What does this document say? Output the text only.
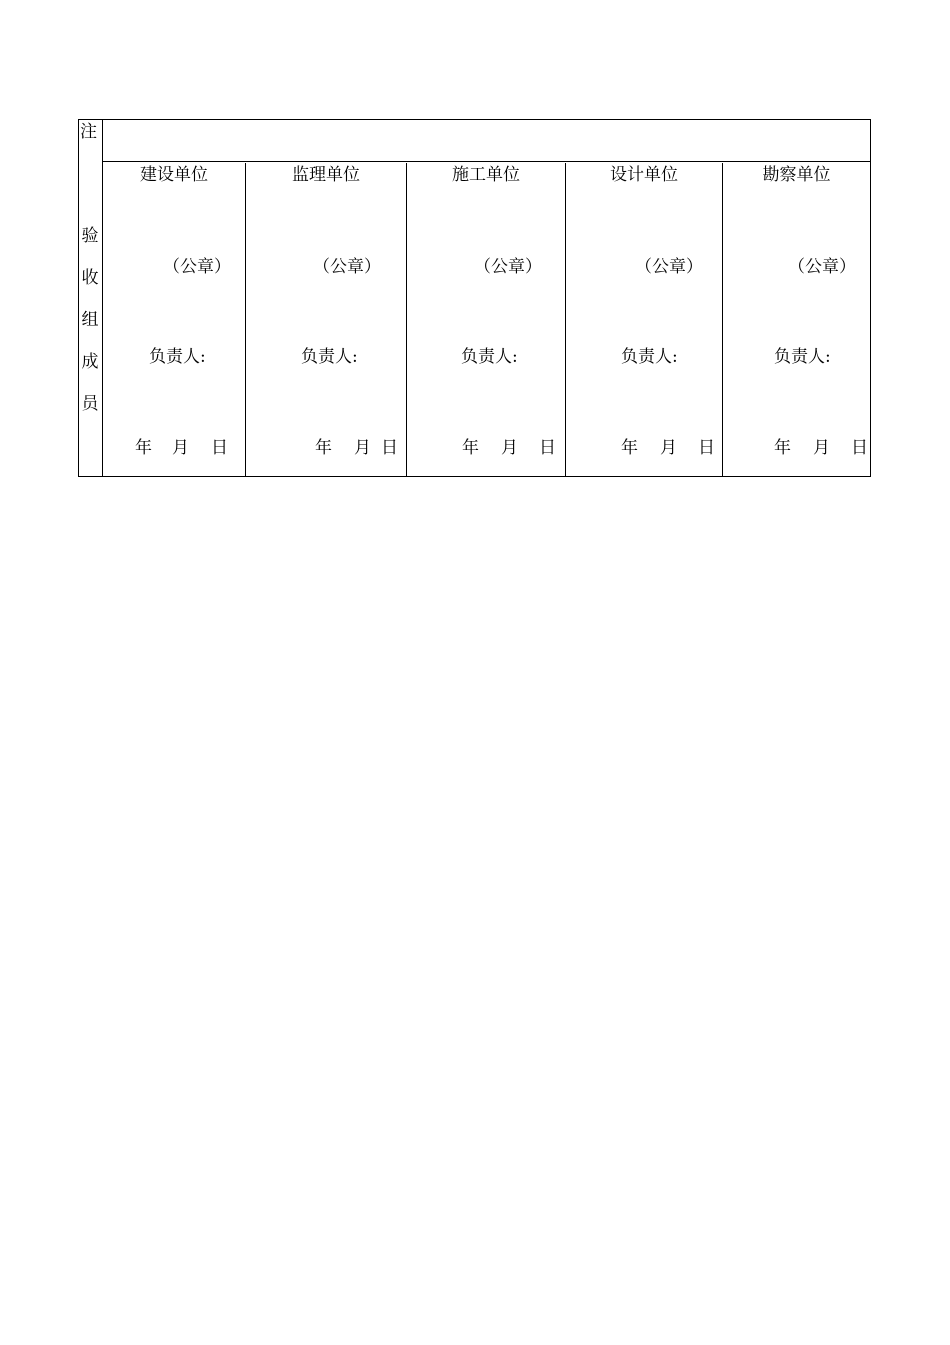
注
验
收
组
成
员
建设单位
（公章）
负责人:
年 月 日
监理单位
（公章）
负责人:
年 月 日
施工单位
（公章）
负责人:
年 月 日
设计单位
（公章）
负责人:
年 月 日
勘察单位
（公章）
负责人:
年 月 日
